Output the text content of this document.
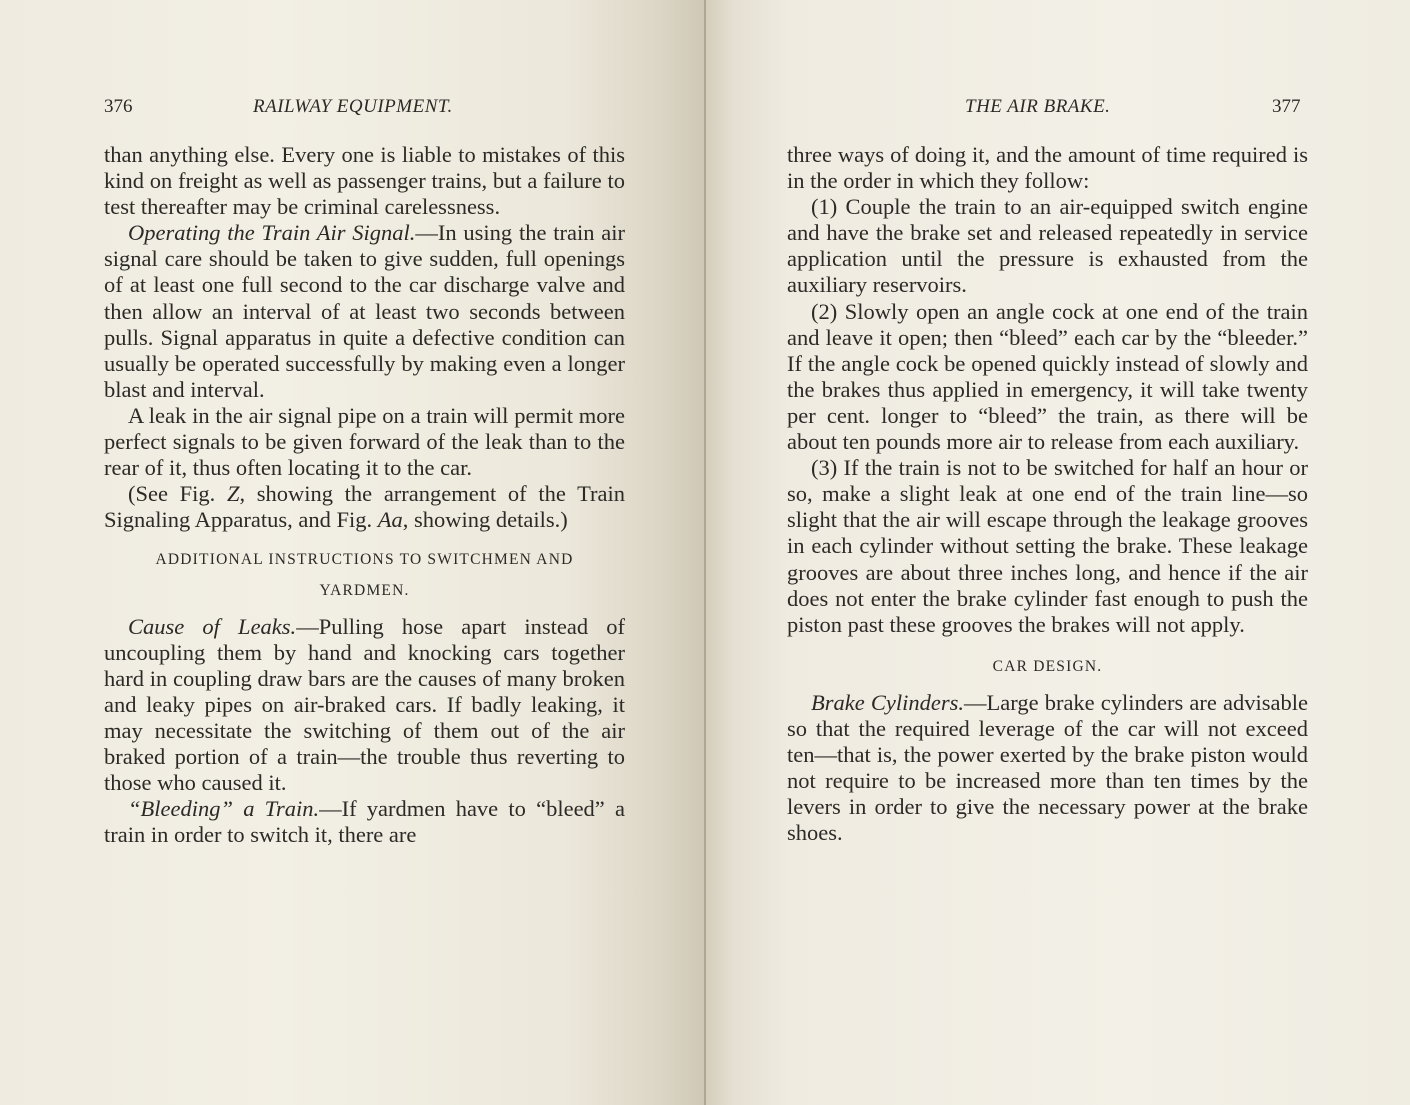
376	RAILWAY EQUIPMENT.

than anything else. Every one is liable to mistakes of this kind on freight as well as passenger trains, but a failure to test thereafter may be criminal carelessness.

Operating the Train Air Signal.—In using the train air signal care should be taken to give sudden, full openings of at least one full second to the car discharge valve and then allow an interval of at least two seconds between pulls. Signal apparatus in quite a defective condition can usually be operated successfully by making even a longer blast and interval.

A leak in the air signal pipe on a train will permit more perfect signals to be given forward of the leak than to the rear of it, thus often locating it to the car.

(See Fig. Z, showing the arrangement of the Train Signaling Apparatus, and Fig. Aa, showing details.)

ADDITIONAL INSTRUCTIONS TO SWITCHMEN AND

YARDMEN.

Cause of Leaks.—Pulling hose apart instead of uncoupling them by hand and knocking cars together hard in coupling draw bars are the causes of many broken and leaky pipes on air-braked cars. If badly leaking, it may necessitate the switching of them out of the air braked portion of a train—the trouble thus reverting to those who caused it.

“Bleeding” a Train.—If yardmen have to “bleed” a train in order to switch it, there are

THE AIR BRAKE.	377

three ways of doing it, and the amount of time required is in the order in which they follow:

(1) Couple the train to an air-equipped switch engine and have the brake set and released repeatedly in service application until the pressure is exhausted from the auxiliary reservoirs.

(2) Slowly open an angle cock at one end of the train and leave it open; then “bleed” each car by the “bleeder.” If the angle cock be opened quickly instead of slowly and the brakes thus applied in emergency, it will take twenty per cent. longer to “bleed” the train, as there will be about ten pounds more air to release from each auxiliary.

(3) If the train is not to be switched for half an hour or so, make a slight leak at one end of the train line—so slight that the air will escape through the leakage grooves in each cylinder without setting the brake. These leakage grooves are about three inches long, and hence if the air does not enter the brake cylinder fast enough to push the piston past these grooves the brakes will not apply.

CAR DESIGN.

Brake Cylinders.—Large brake cylinders are advisable so that the required leverage of the car will not exceed ten—that is, the power exerted by the brake piston would not require to be increased more than ten times by the levers in order to give the necessary power at the brake shoes.
